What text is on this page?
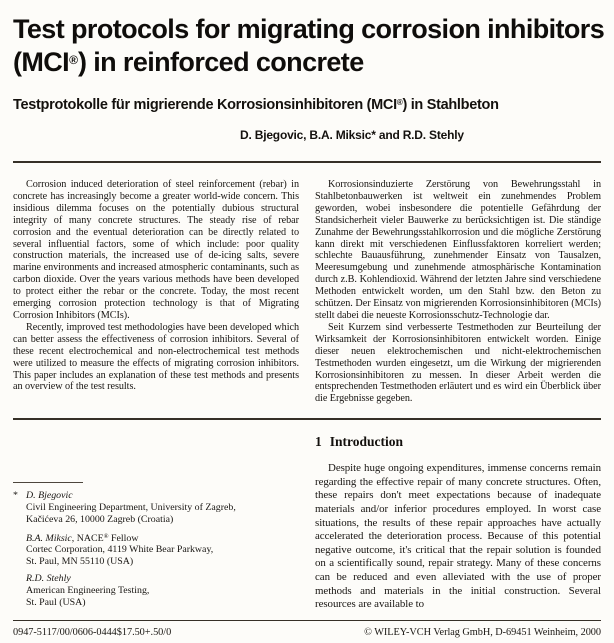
Test protocols for migrating corrosion inhibitors
(MCI®) in reinforced concrete
Testprotokolle für migrierende Korrosionsinhibitoren (MCI®) in Stahlbeton
D. Bjegovic, B.A. Miksic* and R.D. Stehly

Corrosion induced deterioration of steel reinforcement (rebar) in concrete has increasingly become a greater world-wide concern. This insidious dilemma focuses on the potentially dubious structural integrity of many concrete structures. The steady rise of rebar corrosion and the eventual deterioration can be directly related to several influential factors, some of which include: poor quality construction materials, the increased use of de-icing salts, severe marine environments and increased atmospheric contaminants, such as carbon dioxide. Over the years various methods have been developed to protect either the rebar or the concrete. Today, the most recent emerging corrosion protection technology is that of Migrating Corrosion Inhibitors (MCIs).

Recently, improved test methodologies have been developed which can better assess the effectiveness of corrosion inhibitors. Several of these recent electrochemical and non-electrochemical test methods were utilized to measure the effects of migrating corrosion inhibitors. This paper includes an explanation of these test methods and presents an overview of the test results.

Korrosionsinduzierte Zerstörung von Bewehrungsstahl in Stahlbetonbauwerken ist weltweit ein zunehmendes Problem geworden, wobei insbesondere die potentielle Gefährdung der Standsicherheit vieler Bauwerke zu berücksichtigen ist. Die ständige Zunahme der Bewehrungsstahlkorrosion und die mögliche Zerstörung kann direkt mit verschiedenen Einflussfaktoren korreliert werden; schlechte Bauausführung, zunehmender Einsatz von Tausalzen, Meeresumgebung und zunehmende atmosphärische Kontamination durch z.B. Kohlendioxid. Während der letzten Jahre sind verschiedene Methoden entwickelt worden, um den Stahl bzw. den Beton zu schützen. Der Einsatz von migrierenden Korrosionsinhibitoren (MCIs) stellt dabei die neueste Korrosionsschutz-Technologie dar.

Seit Kurzem sind verbesserte Testmethoden zur Beurteilung der Wirksamkeit der Korrosionsinhibitoren entwickelt worden. Einige dieser neuen elektrochemischen und nicht-elektrochemischen Testmethoden wurden eingesetzt, um die Wirkung der migrierenden Korrosionsinhibitoren zu messen. In dieser Arbeit werden die entsprechenden Testmethoden erläutert und es wird ein Überblick über die Ergebnisse gegeben.

* D. Bjegovic
Civil Engineering Department, University of Zagreb,
Kačićeva 26, 10000 Zagreb (Croatia)
B.A. Miksic, NACE® Fellow
Cortec Corporation, 4119 White Bear Parkway,
St. Paul, MN 55110 (USA)
R.D. Stehly
American Engineering Testing,
St. Paul (USA)
1 Introduction

Despite huge ongoing expenditures, immense concerns remain regarding the effective repair of many concrete structures. Often, these repairs don't meet expectations because of inadequate materials and/or inferior procedures employed. In worst case situations, the results of these repair approaches have actually accelerated the deterioration process. Because of this potential negative outcome, it's critical that the repair solution is founded on a scientifically sound, repair strategy. Many of these concerns can be reduced and even alleviated with the use of proper methods and materials in the initial construction. Several resources are available to

0947-5117/00/0606-0444$17.50+.50/0	© WILEY-VCH Verlag GmbH, D-69451 Weinheim, 2000
